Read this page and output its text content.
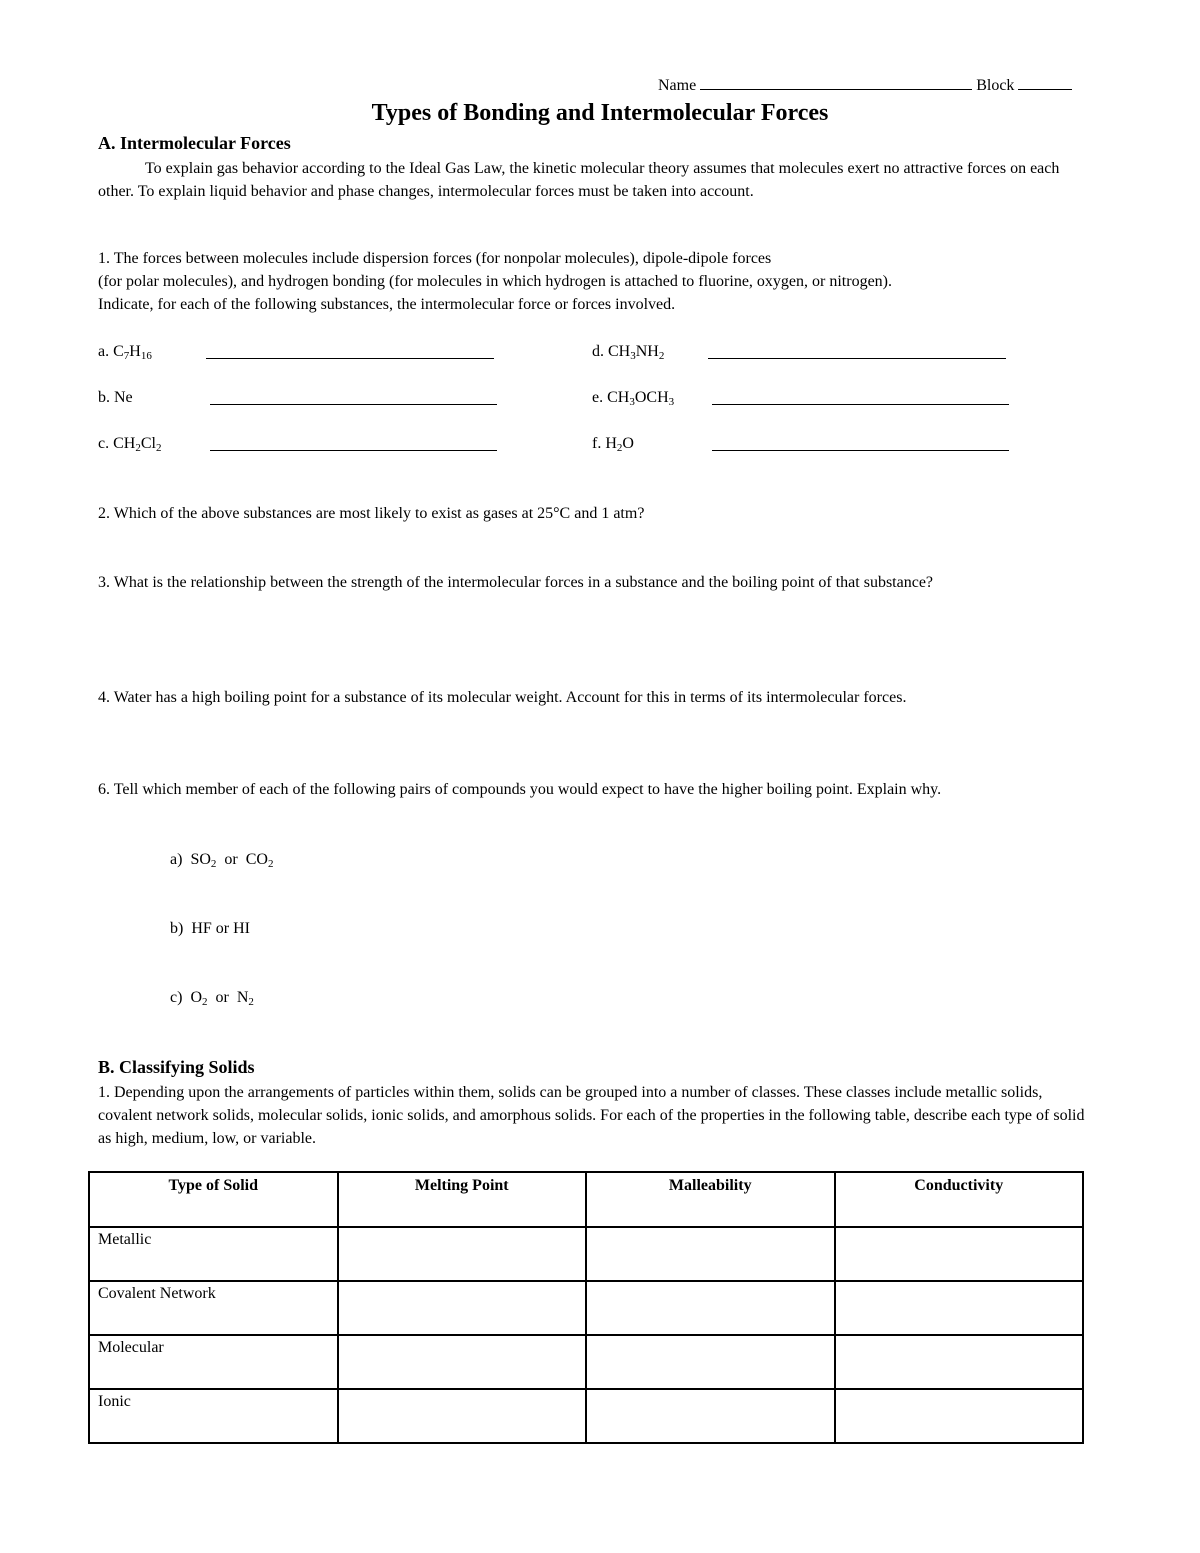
Name	Block
Types of Bonding and Intermolecular Forces
A. Intermolecular Forces
To explain gas behavior according to the Ideal Gas Law, the kinetic molecular theory assumes that molecules exert no attractive forces on each other. To explain liquid behavior and phase changes, intermolecular forces must be taken into account.
1. The forces between molecules include dispersion forces (for nonpolar molecules), dipole-dipole forces
(for polar molecules), and hydrogen bonding (for molecules in which hydrogen is attached to fluorine, oxygen, or nitrogen).
Indicate, for each of the following substances, the intermolecular force or forces involved.
a. $C_7H_{16}$
b. Ne
c. $CH_2Cl_2$
d. $CH_3NH_2$
e. $CH_3OCH_3$
f. $H_2O$
2. Which of the above substances are most likely to exist as gases at 25°C and 1 atm?
3. What is the relationship between the strength of the intermolecular forces in a substance and the boiling point of that substance?
4. Water has a high boiling point for a substance of its molecular weight. Account for this in terms of its intermolecular forces.
6. Tell which member of each of the following pairs of compounds you would expect to have the higher boiling point. Explain why.
a) $SO_2$ or $CO_2$
b) HF or HI
c) $O_2$ or $N_2$
B. Classifying Solids
1. Depending upon the arrangements of particles within them, solids can be grouped into a number of classes. These classes include metallic solids, covalent network solids, molecular solids, ionic solids, and amorphous solids. For each of the properties in the following table, describe each type of solid as high, medium, low, or variable.
Type of Solid	Melting Point	Malleability	Conductivity
Metallic			
Covalent Network			
Molecular			
Ionic			
